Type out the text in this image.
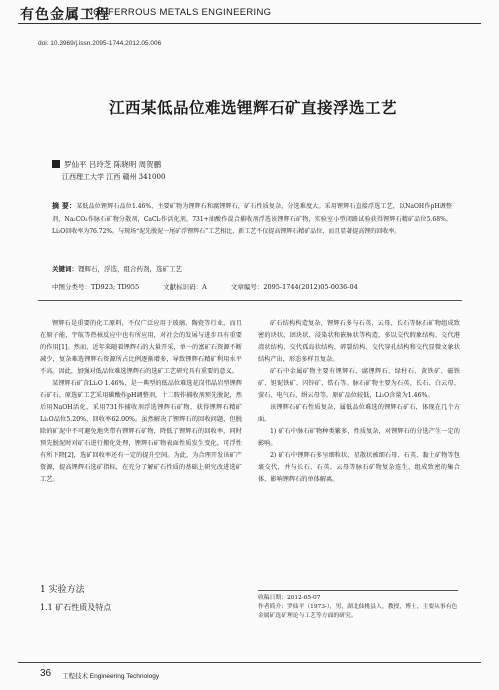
有色金属工程
NONFERROUS METALS ENGINEERING
doi: 10.3969/j.issn.2095-1744.2012.05.006
江西某低品位难选锂辉石矿直接浮选工艺
罗仙平 吕玲芝 陈晓明 周贺鹏
江西理工大学 江西 赣州 341000
摘 要：某低品位锂辉石品位1.46%，主要矿物为锂辉石和腐锂辉石，矿石性质复杂，分选难度大。采用锂辉石直接浮选工艺，以NaOH作pH调整剂，Na₂CO₃作脉石矿物分散剂，CaCl₂作活化剂，731+油酸作混合捕收剂浮选该锂辉石矿物，实验室小型闭路试验获得锂辉石精矿品位5.68%，Li₂O回收率为76.72%。与现场“泥先脱泥一尾矿浮锂辉石”工艺相比，新工艺不仅提高锂辉石精矿品位，而且显著提高锂的回收率。
关键词：锂辉石，浮选，组合药剂，选矿工艺
中图分类号：TD923; TD955	文献标识码：A	文章编号：2095-1744(2012)05-0036-04

锂辉石是重要的化工原料，不仅广泛应用于玻璃、陶瓷等行业，而且在原子能、宇航等热核反应中也有所应用，对社会的发展与进步具有重要的作用[1]。然而，近年来随着锂辉石的大量开采，单一的富矿石资源不断减少，复杂难选锂辉石资源所占比例逐渐增多，导致锂辉石精矿利用水平不高。因此，加强对低品位难选锂辉石的选矿工艺研究具有重要的意义。

某锂辉石矿含Li₂O 1.46%，是一典型的低品位难选花岗伟晶岩型锂辉石矿石。原选矿工艺采用碳酸作pH调整剂，十二胺作捕收剂预先脱泥，然后用NaOH活化，采用731作捕收剂浮选锂辉石矿物，获得锂辉石精矿Li₂O品位5.20%，回收率62.00%。虽然解决了锂辉石的回收问题，但脱除的矿泥中不可避免地夹带有锂辉石矿物，降低了锂辉石的回收率，同时预先脱泥时对矿石进行搬化处理，锂辉石矿物表面性质发生变化，可浮性有所下降[2]，选矿回收率还有一定的提升空间。为此，为合理开发该矿产资源，提高锂辉石选矿指标，在充分了解矿石性质的基础上研究改进选矿工艺。

矿石结构构造复杂，锂辉石多与石英、云母、长石等脉石矿物组成致密的块状、团块状、浸染状和嵌脉状等构造，多以交代假象结构、交代港湾状结构、交代孤岛状结构、碎裂结构、交代穿孔结构和交代显微文象状结构产出，形态多样且复杂。

矿石中金属矿物主要有锂辉石、腐锂辉石、绿柱石、黄铁矿、磁铁矿、钽铌铁矿、闪锌矿、锆石等。脉石矿物主要为石英、长石、白云母、萤石、电气石、绢云母等。原矿品位较低，Li₂O含量为1.46%。

该锂辉石矿石性质复杂，属低品位难选的锂辉石矿石，体现在几个方面。

1) 矿石中脉石矿物种类繁多，性质复杂，对锂辉石的分选产生一定的影响。

2) 矿石中锂辉石多呈细粒状、星散状被细石母、石英、黏土矿物等包裹交代，并与长石、石英、云母等脉石矿物复杂连生，组成致密的集合体，影响锂辉石的单体解离。

1 实验方法
1.1 矿石性质及特点
收稿日期：2012-05-07
作者简介：罗仙平（1973-），男，湖北仙桃县人，教授，博士，主要从事有色金属矿选矿理论与工艺等方面的研究。
36 工程技术 Engineering Technology
